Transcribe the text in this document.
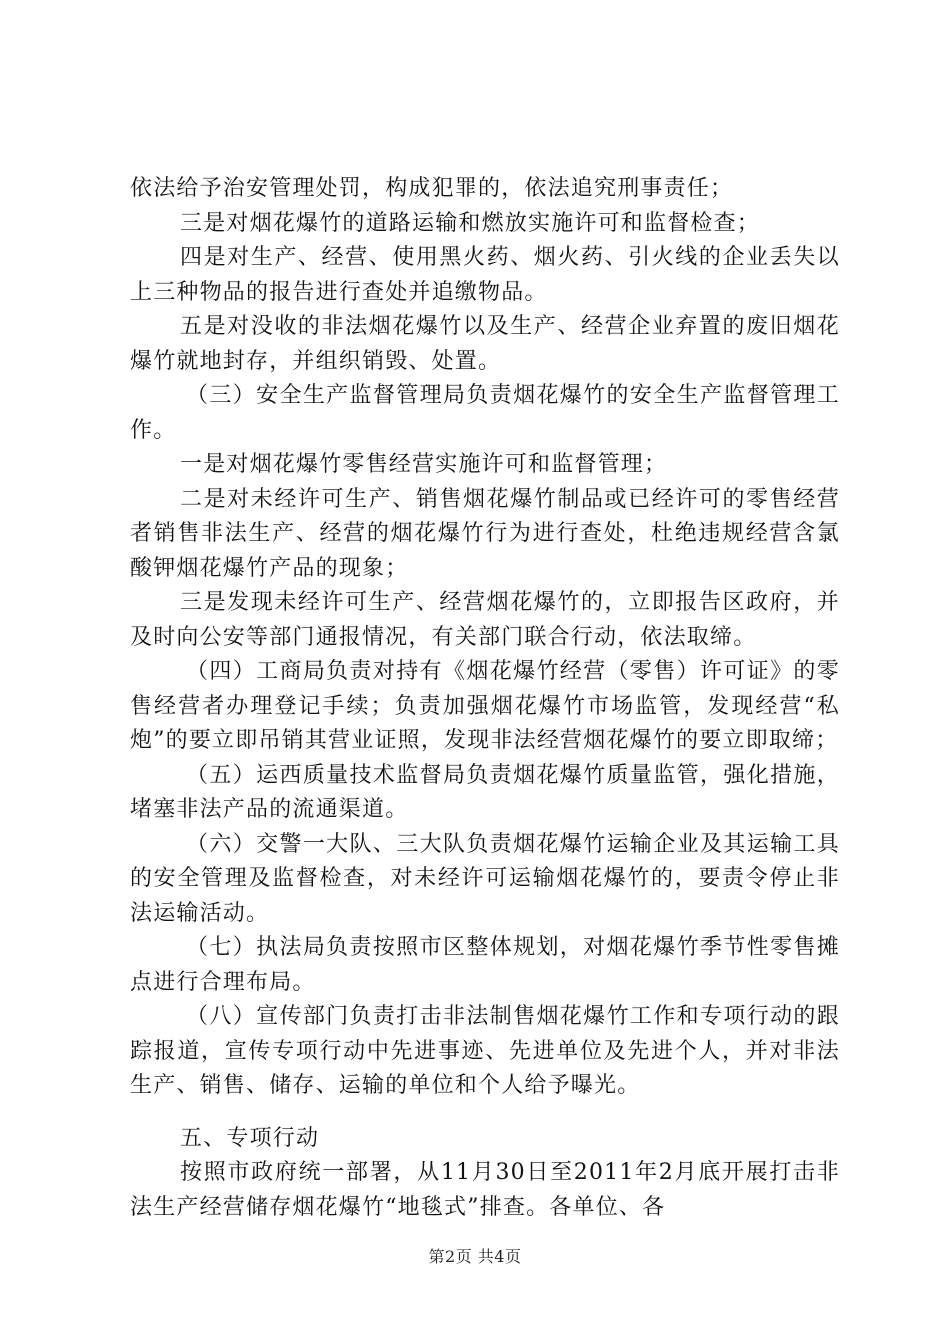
依法给予治安管理处罚，构成犯罪的，依法追究刑事责任；

三是对烟花爆竹的道路运输和燃放实施许可和监督检查；

四是对生产、经营、使用黑火药、烟火药、引火线的企业丢失以上三种物品的报告进行查处并追缴物品。

五是对没收的非法烟花爆竹以及生产、经营企业弃置的废旧烟花爆竹就地封存，并组织销毁、处置。

（三）安全生产监督管理局负责烟花爆竹的安全生产监督管理工作。

一是对烟花爆竹零售经营实施许可和监督管理；

二是对未经许可生产、销售烟花爆竹制品或已经许可的零售经营者销售非法生产、经营的烟花爆竹行为进行查处，杜绝违规经营含氯酸钾烟花爆竹产品的现象；

三是发现未经许可生产、经营烟花爆竹的，立即报告区政府，并及时向公安等部门通报情况，有关部门联合行动，依法取缔。

（四）工商局负责对持有《烟花爆竹经营（零售）许可证》的零售经营者办理登记手续；负责加强烟花爆竹市场监管，发现经营“私炮”的要立即吊销其营业证照，发现非法经营烟花爆竹的要立即取缔；

（五）运西质量技术监督局负责烟花爆竹质量监管，强化措施，堵塞非法产品的流通渠道。

（六）交警一大队、三大队负责烟花爆竹运输企业及其运输工具的安全管理及监督检查，对未经许可运输烟花爆竹的，要责令停止非法运输活动。

（七）执法局负责按照市区整体规划，对烟花爆竹季节性零售摊点进行合理布局。

（八）宣传部门负责打击非法制售烟花爆竹工作和专项行动的跟踪报道，宣传专项行动中先进事迹、先进单位及先进个人，并对非法生产、销售、储存、运输的单位和个人给予曝光。

五、专项行动

按照市政府统一部署，从11月30日至2011年2月底开展打击非法生产经营储存烟花爆竹“地毯式”排查。各单位、各

第2页 共4页
